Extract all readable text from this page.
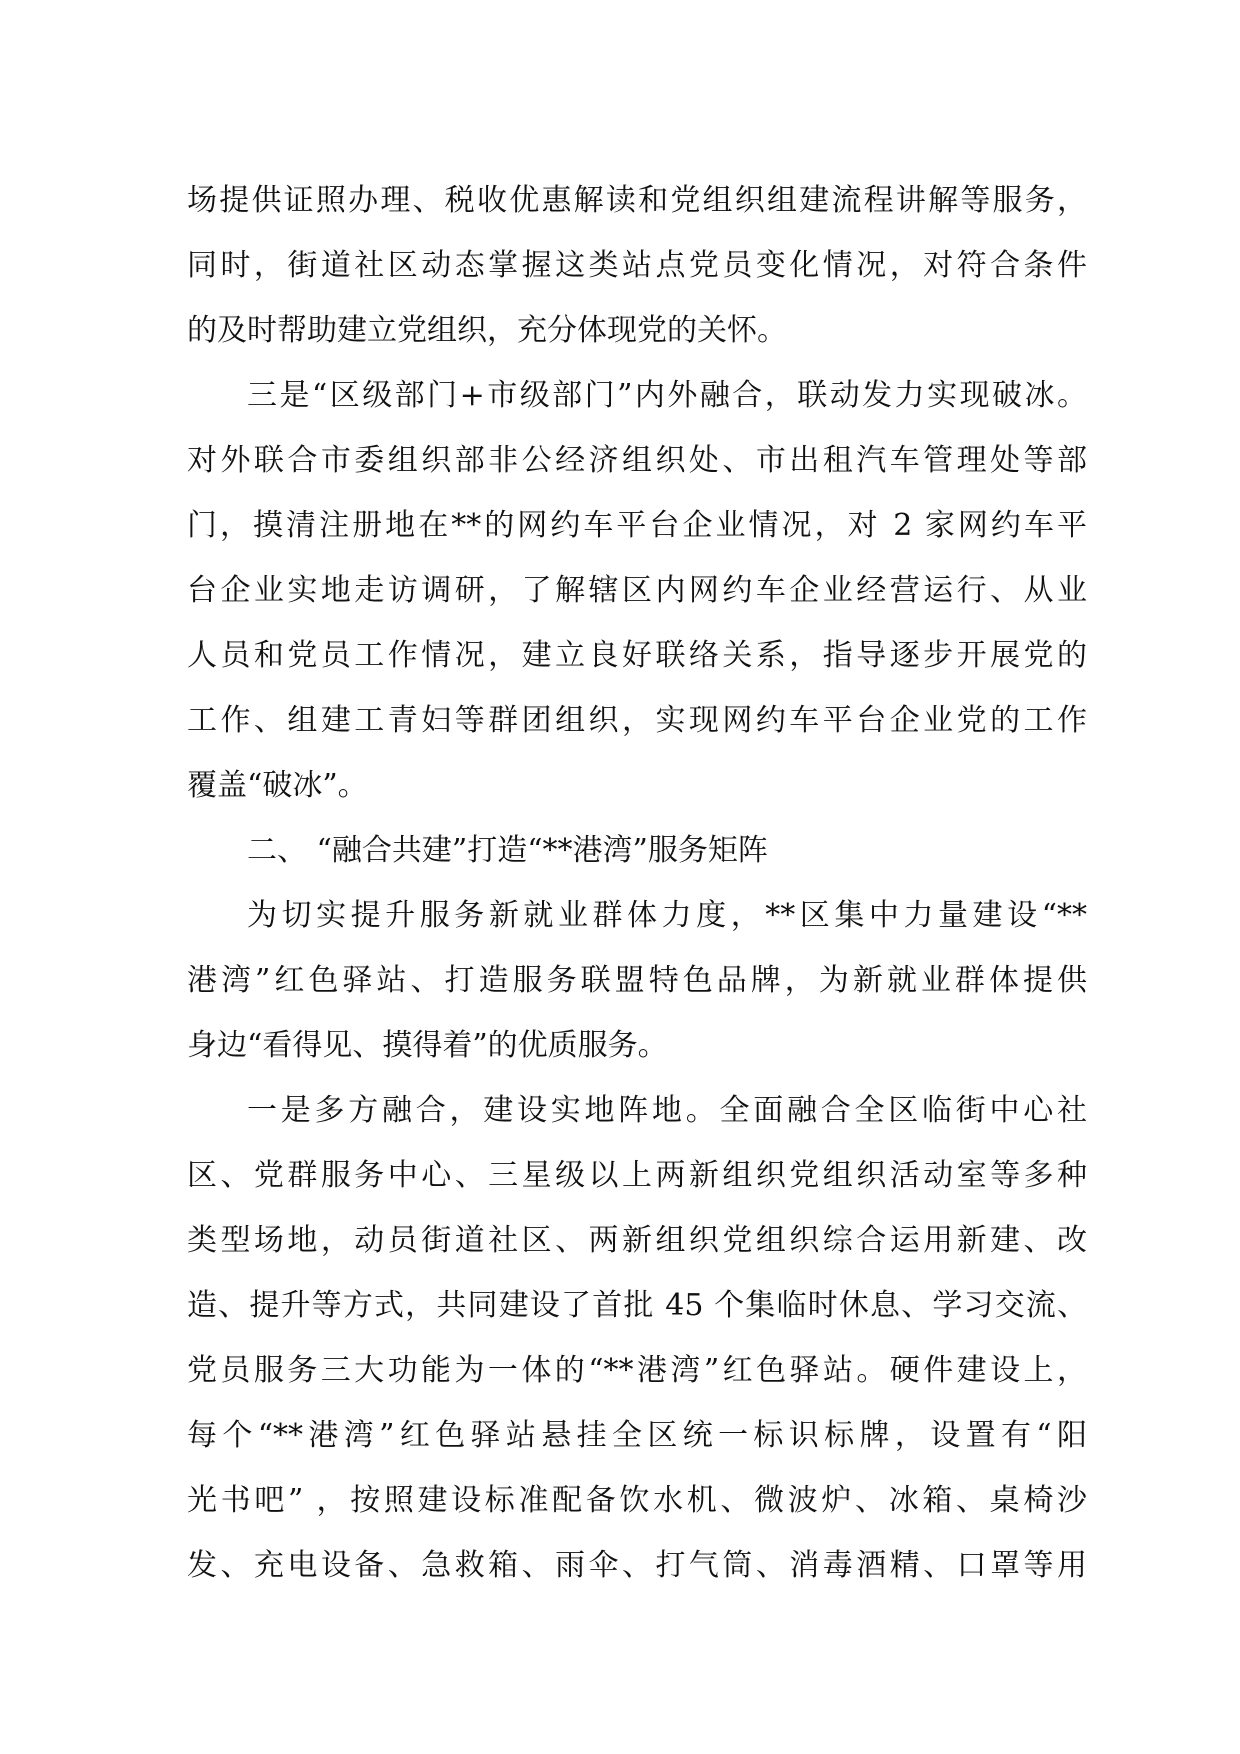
场提供证照办理、税收优惠解读和党组织组建流程讲解等服务，
同时，街道社区动态掌握这类站点党员变化情况，对符合条件
的及时帮助建立党组织，充分体现党的关怀。
三是“区级部门+市级部门”内外融合，联动发力实现破冰。
对外联合市委组织部非公经济组织处、市出租汽车管理处等部
门，摸清注册地在**的网约车平台企业情况，对 2 家网约车平
台企业实地走访调研，了解辖区内网约车企业经营运行、从业
人员和党员工作情况，建立良好联络关系，指导逐步开展党的
工作、组建工青妇等群团组织，实现网约车平台企业党的工作
覆盖“破冰”。
二、 “融合共建”打造“**港湾”服务矩阵
为切实提升服务新就业群体力度，**区集中力量建设“**
港湾”红色驿站、打造服务联盟特色品牌，为新就业群体提供
身边“看得见、摸得着”的优质服务。
一是多方融合，建设实地阵地。全面融合全区临街中心社
区、党群服务中心、三星级以上两新组织党组织活动室等多种
类型场地，动员街道社区、两新组织党组织综合运用新建、改
造、提升等方式，共同建设了首批 45 个集临时休息、学习交流、
党员服务三大功能为一体的“**港湾”红色驿站。硬件建设上，
每个“**港湾”红色驿站悬挂全区统一标识标牌，设置有“阳
光书吧” ，按照建设标准配备饮水机、微波炉、冰箱、桌椅沙
发、充电设备、急救箱、雨伞、打气筒、消毒酒精、口罩等用
